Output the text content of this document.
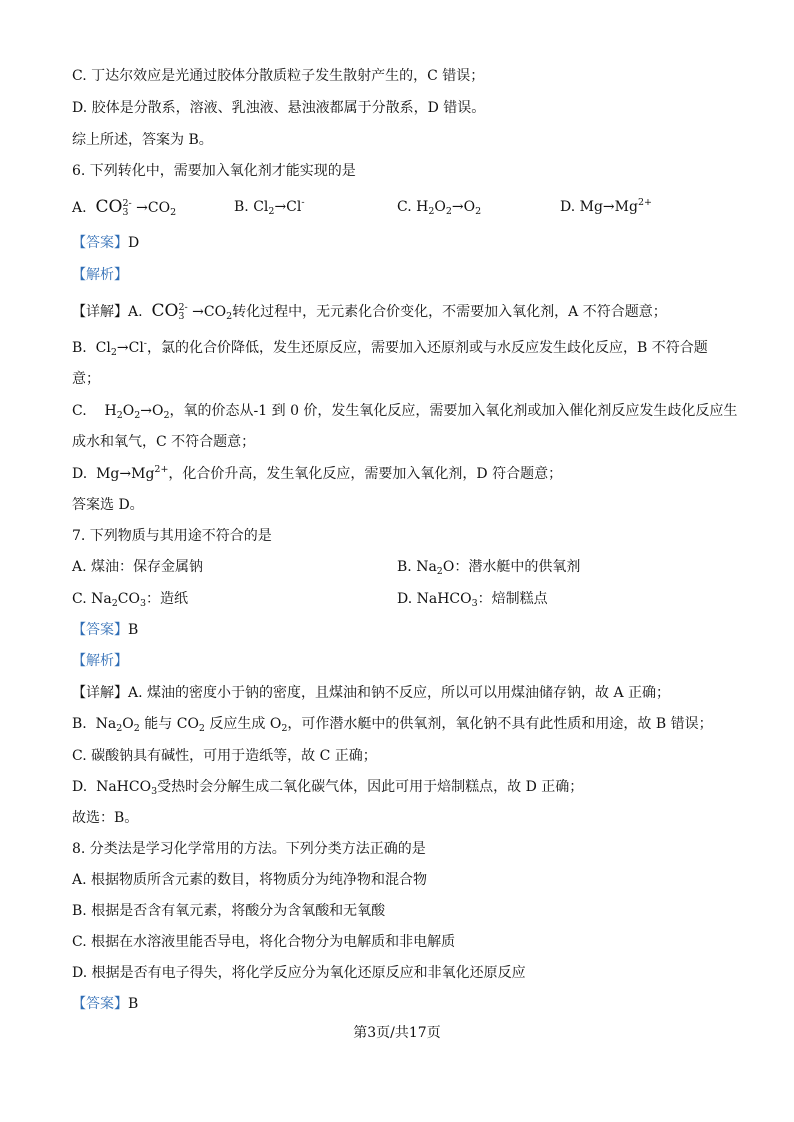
C. 丁达尔效应是光通过胶体分散质粒子发生散射产生的，C 错误；
D. 胶体是分散系，溶液、乳浊液、悬浊液都属于分散系，D 错误。
综上所述，答案为 B。
6. 下列转化中，需要加入氧化剂才能实现的是
A.  $CO_3^{2-} \to CO_2$	B. $Cl_2\to Cl^-$	C. $H_2O_2\to O_2$	D. $Mg\to Mg^{2+}$
【答案】D
【解析】
【详解】A.  $CO_3^{2-} \to CO_2$转化过程中，无元素化合价变化，不需要加入氧化剂，A 不符合题意；
B.  $Cl_2\to Cl^-$，氯的化合价降低，发生还原反应，需要加入还原剂或与水反应发生歧化反应，B 不符合题
意；
C.    $H_2O_2\to O_2$，氧的价态从-1 到 0 价，发生氧化反应，需要加入氧化剂或加入催化剂反应发生歧化反应生
成水和氧气，C 不符合题意；
D.  $Mg\to Mg^{2+}$，化合价升高，发生氧化反应，需要加入氧化剂，D 符合题意；
答案选 D。
7. 下列物质与其用途不符合的是
A. 煤油：保存金属钠	B. $Na_2O$：潜水艇中的供氧剂
C. $Na_2CO_3$：造纸	D. NaHCO$_3$：焙制糕点
【答案】B
【解析】
【详解】A. 煤油的密度小于钠的密度，且煤油和钠不反应，所以可以用煤油储存钠，故 A 正确；
B.  $Na_2O_2$ 能与 $CO_2$ 反应生成 $O_2$，可作潜水艇中的供氧剂，氧化钠不具有此性质和用途，故 B 错误；
C. 碳酸钠具有碱性，可用于造纸等，故 C 正确；
D.  NaHCO$_3$受热时会分解生成二氧化碳气体，因此可用于焙制糕点，故 D 正确；
故选：B。
8. 分类法是学习化学常用的方法。下列分类方法正确的是
A. 根据物质所含元素的数目，将物质分为纯净物和混合物
B. 根据是否含有氧元素，将酸分为含氧酸和无氧酸
C. 根据在水溶液里能否导电，将化合物分为电解质和非电解质
D. 根据是否有电子得失，将化学反应分为氧化还原反应和非氧化还原反应
【答案】B
第3页/共17页
